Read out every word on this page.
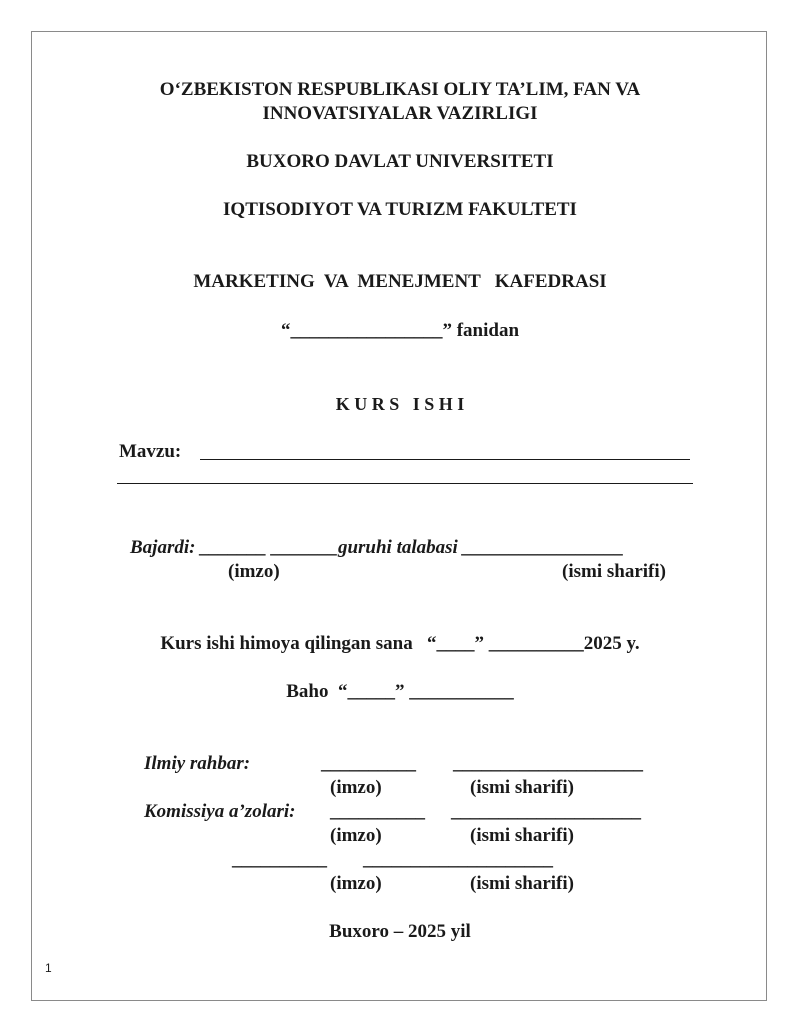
O‘ZBEKISTON RESPUBLIKASI OLIY TA’LIM, FAN VA
INNOVATSIYALAR VAZIRLIGI
BUXORO DAVLAT UNIVERSITETI
IQTISODIYOT VA TURIZM FAKULTETI
MARKETING  VA  MENEJMENT   KAFEDRASI
“________________” fanidan
K U R S   I S H I
Mavzu:
Bajardi: _______ _______guruhi talabasi _________________
(imzo)	(ismi sharifi)
Kurs ishi himoya qilingan sana   “____” __________2025 y.
Baho  “_____” ___________
Ilmiy rahbar:	__________ ____________________
(imzo)	(ismi sharifi)
Komissiya a’zolari: __________ ____________________
(imzo)	(ismi sharifi)
__________ ____________________
(imzo)	(ismi sharifi)
Buxoro – 2025 yil
1
